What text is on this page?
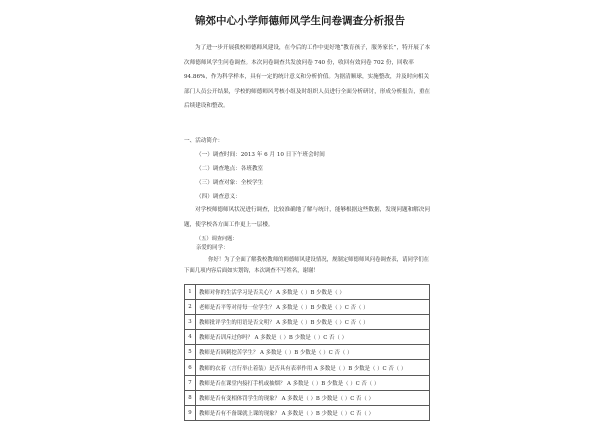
锦郊中心小学师德师风学生问卷调查分析报告

为了进一步开展我校师德师风建设，在今后的工作中更好地“教育孩子，服务家长”，特开展了本次师德师风学生问卷调查。本次问卷调查共发放问卷 740 份，收回有效问卷 702 份，回收率 94.86%，作为科学样本，具有一定的统计意义和分析价值。为据清顺球，实施整改，并及时向相关部门人员公开结果，学校的师德师风考核小组及时组织人员进行全面分析研讨，形成分析报告，重在后续建设和整改。

一、活动简介：
（一）调查时间：2013 年 6 月 10 日下午班会时间
（二）调查地点：各班教室
（三）调查对象：全校学生
（四）调查意义：

对学校师德师风状况进行调查，比较准确地了解与统计，能够根据这些数据，发现问题和解决问题，使学校各方面工作更上一层楼。

（五）调查问题：
亲爱的同学：
你好！为了全面了解我校教师的师德师风建设情况，规制定师德师风问卷调查表，请同学们在下面几项内容后面如实划钩，本次调查不写姓名，谢谢！
1	教师对你的生活学习是否关心？ A 多数是（ ）B 少数是（ ）
2	老师是否平等对待每一位学生？ A 多数是（ ）B 少数是（ ）C 否（ ）
3	教师批评学生的用语是否文明？ A 多数是（ ）B 少数是（ ）C 否（ ）
4	教师是否训斥过你吗？ A 多数是（ ）B 少数是（ ）C 否（ ）
5	教师是否讽刺挖苦学生？ A 多数是（ ）B 少数是（ ）C 否（ ）
6	教师的衣着（言行举止着装）是否具有表率作用 A 多数是（ ）B 少数是（ ）C 否（ ）
7	教师是否在课堂内接打手机或抽烟？ A 多数是（ ）B 少数是（ ）C 否（ ）
8	教师是否有变相体罚学生的现象？ A 多数是（ ）B 少数是（ ）C 否（ ）
9	教师是否有不备课就上课的现象？ A 多数是（ ）B 少数是（ ）C 否（ ）
